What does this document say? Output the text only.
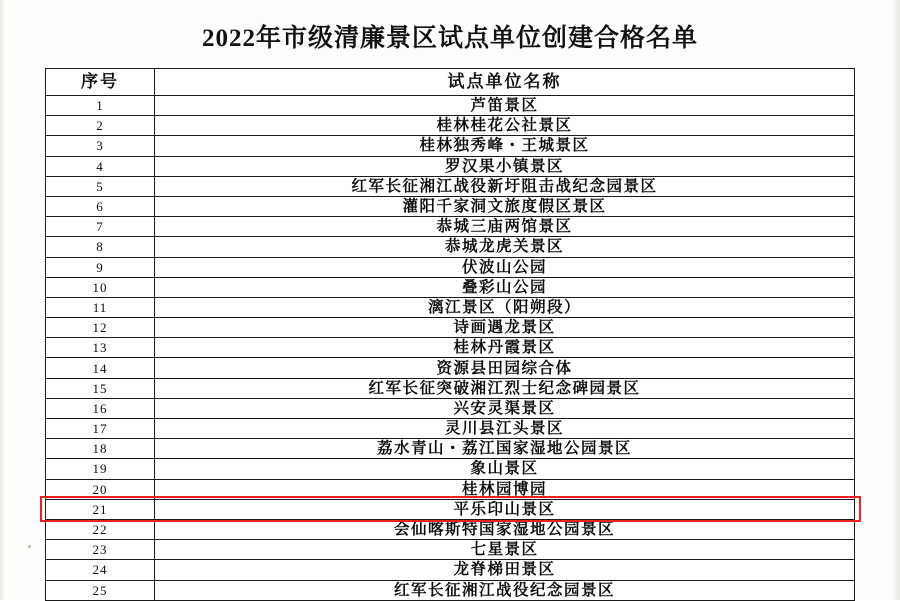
2022年市级清廉景区试点单位创建合格名单
序号	试点单位名称
1	芦笛景区
2	桂林桂花公社景区
3	桂林独秀峰・王城景区
4	罗汉果小镇景区
5	红军长征湘江战役新圩阻击战纪念园景区
6	灌阳千家洞文旅度假区景区
7	恭城三庙两馆景区
8	恭城龙虎关景区
9	伏波山公园
10	叠彩山公园
11	漓江景区（阳朔段）
12	诗画遇龙景区
13	桂林丹霞景区
14	资源县田园综合体
15	红军长征突破湘江烈士纪念碑园景区
16	兴安灵渠景区
17	灵川县江头景区
18	荔水青山・荔江国家湿地公园景区
19	象山景区
20	桂林园博园
21	平乐印山景区
22	会仙喀斯特国家湿地公园景区
23	七星景区
24	龙脊梯田景区
25	红军长征湘江战役纪念园景区
